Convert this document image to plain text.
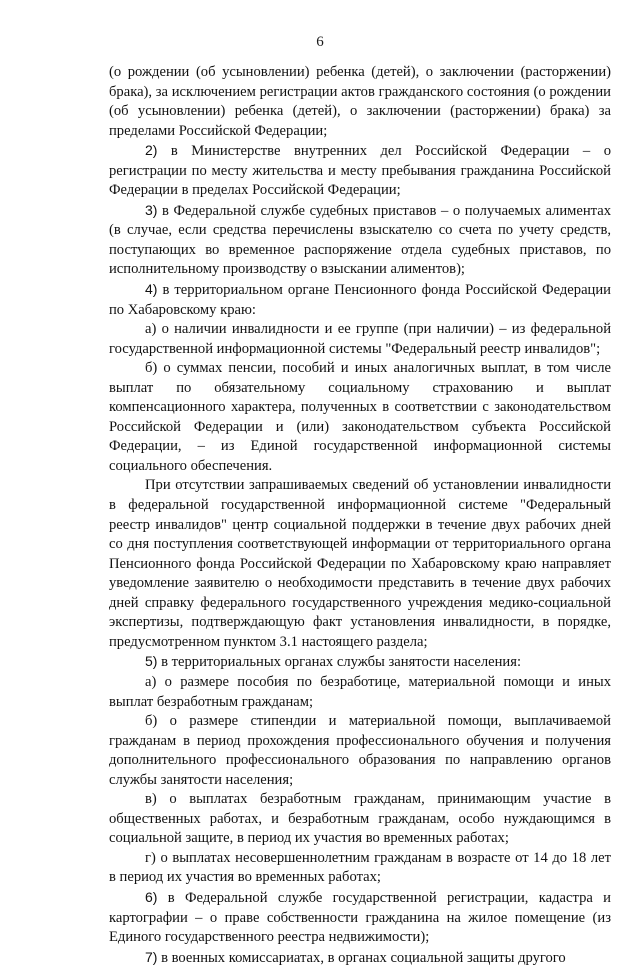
6

(о рождении (об усыновлении) ребенка (детей), о заключении (расторжении) брака), за исключением регистрации актов гражданского состояния (о рождении (об усыновлении) ребенка (детей), о заключении (расторжении) брака) за пределами Российской Федерации;

2) в Министерстве внутренних дел Российской Федерации – о регистрации по месту жительства и месту пребывания гражданина Российской Федерации в пределах Российской Федерации;

3) в Федеральной службе судебных приставов – о получаемых алиментах (в случае, если средства перечислены взыскателю со счета по учету средств, поступающих во временное распоряжение отдела судебных приставов, по исполнительному производству о взыскании алиментов);

4) в территориальном органе Пенсионного фонда Российской Федерации по Хабаровскому краю:

а) о наличии инвалидности и ее группе (при наличии) – из федеральной государственной информационной системы "Федеральный реестр инвалидов";

б) о суммах пенсии, пособий и иных аналогичных выплат, в том числе выплат по обязательному социальному страхованию и выплат компенсационного характера, полученных в соответствии с законодательством Российской Федерации и (или) законодательством субъекта Российской Федерации, – из Единой государственной информационной системы социального обеспечения.

При отсутствии запрашиваемых сведений об установлении инвалидности в федеральной государственной информационной системе "Федеральный реестр инвалидов" центр социальной поддержки в течение двух рабочих дней со дня поступления соответствующей информации от территориального органа Пенсионного фонда Российской Федерации по Хабаровскому краю направляет уведомление заявителю о необходимости представить в течение двух рабочих дней справку федерального государственного учреждения медико-социальной экспертизы, подтверждающую факт установления инвалидности, в порядке, предусмотренном пунктом 3.1 настоящего раздела;

5) в территориальных органах службы занятости населения:

а) о размере пособия по безработице, материальной помощи и иных выплат безработным гражданам;

б) о размере стипендии и материальной помощи, выплачиваемой гражданам в период прохождения профессионального обучения и получения дополнительного профессионального образования по направлению органов службы занятости населения;

в) о выплатах безработным гражданам, принимающим участие в общественных работах, и безработным гражданам, особо нуждающимся в социальной защите, в период их участия во временных работах;

г) о выплатах несовершеннолетним гражданам в возрасте от 14 до 18 лет в период их участия во временных работах;

6) в Федеральной службе государственной регистрации, кадастра и картографии – о праве собственности гражданина на жилое помещение (из Единого государственного реестра недвижимости);

7) в военных комиссариатах, в органах социальной защиты другого
